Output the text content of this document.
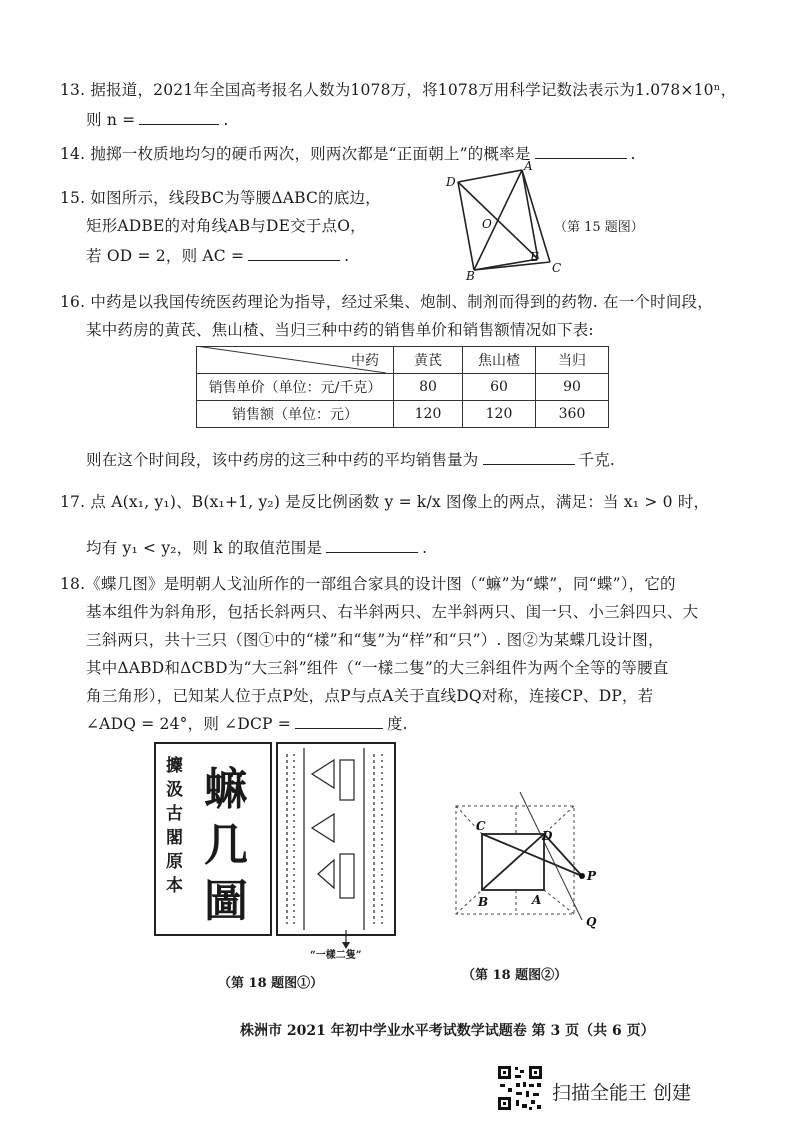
13. 据报道，2021年全国高考报名人数为1078万，将1078万用科学记数法表示为1.078×10ⁿ，
则 n =	.
14. 抛掷一枚质地均匀的硬币两次，则两次都是“正面朝上”的概率是	.
15. 如图所示，线段BC为等腰ΔABC的底边，
矩形ADBE的对角线AB与DE交于点O，
若 OD = 2，则 AC =	.
D
A
O
B
E
C
（第 15 题图）
16. 中药是以我国传统医药理论为指导，经过采集、炮制、制剂而得到的药物. 在一个时间段，
某中药房的黄芪、焦山楂、当归三种中药的销售单价和销售额情况如下表:
中药	黄芪	焦山楂	当归
销售单价（单位：元/千克）	80	60	90
销售额（单位：元）	120	120	360
则在这个时间段，该中药房的这三种中药的平均销售量为	千克.
17. 点 A(x₁, y₁)、B(x₁+1, y₂) 是反比例函数 y = k/x 图像上的两点，满足：当 x₁ > 0 时，
均有 y₁ < y₂，则 k 的取值范围是	.
18.《蝶几图》是明朝人戈汕所作的一部组合家具的设计图（“䗫”为“蝶”，同“蝶”），它的
基本组件为斜角形，包括长斜两只、右半斜两只、左半斜两只、闺一只、小三斜四只、大
三斜两只，共十三只（图①中的“樣”和“隻”为“样”和“只”）. 图②为某蝶几设计图，
其中ΔABD和ΔCBD为“大三斜”组件（“一樣二隻”的大三斜组件为两个全等的等腰直
角三角形），已知某人位于点P处，点P与点A关于直线DQ对称，连接CP、DP，若
∠ADQ = 24°，则 ∠DCP =	度.
攈汲古閣原本
䗫几圖
“一樣二隻”
（第 18 题图①）
C
D
P
B	A
Q
（第 18 题图②）
株洲市 2021 年初中学业水平考试数学试题卷 第 3 页（共 6 页）
扫描全能王 创建
